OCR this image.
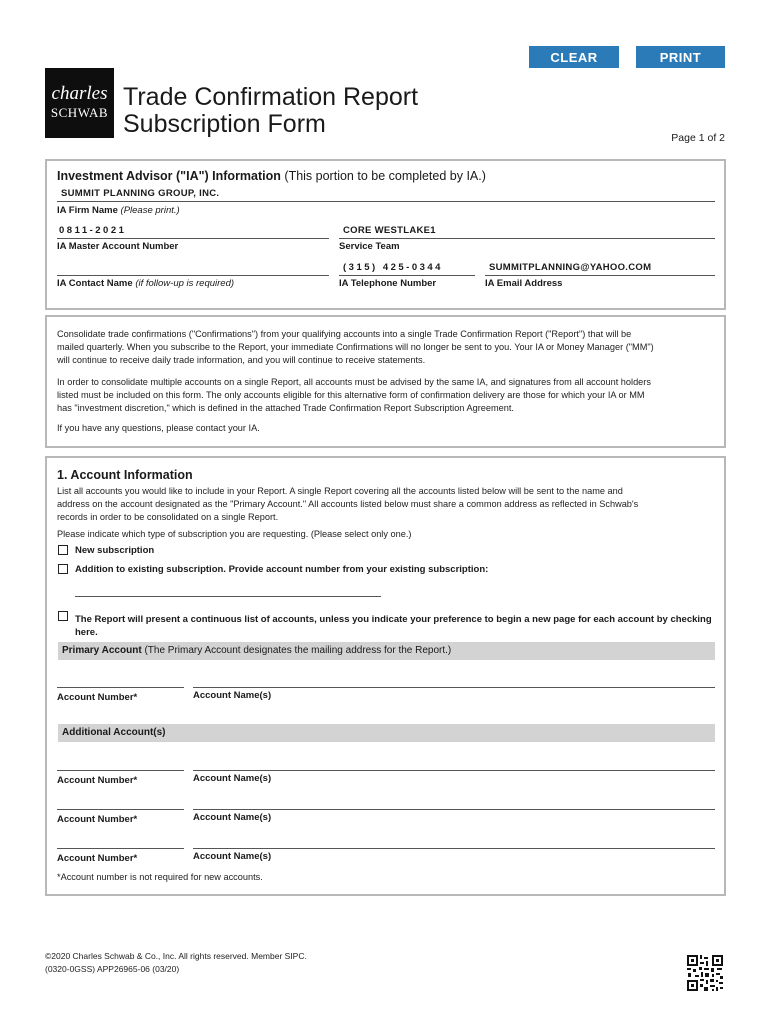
CLEAR	PRINT
charles
SCHWAB
Trade Confirmation Report
Subscription Form	Page 1 of 2
Investment Advisor ("IA") Information (This portion to be completed by IA.)
SUMMIT PLANNING GROUP, INC.
IA Firm Name (Please print.)
0811-2021
IA Master Account Number
CORE WESTLAKE1
Service Team
IA Contact Name (if follow-up is required)
(315) 425-0344
IA Telephone Number
SUMMITPLANNING@YAHOO.COM
IA Email Address
Consolidate trade confirmations ("Confirmations") from your qualifying accounts into a single Trade Confirmation Report ("Report") that will be
mailed quarterly. When you subscribe to the Report, your immediate Confirmations will no longer be sent to you. Your IA or Money Manager ("MM")
will continue to receive daily trade information, and you will continue to receive statements.
In order to consolidate multiple accounts on a single Report, all accounts must be advised by the same IA, and signatures from all account holders
listed must be included on this form. The only accounts eligible for this alternative form of confirmation delivery are those for which your IA or MM
has "investment discretion," which is defined in the attached Trade Confirmation Report Subscription Agreement.
If you have any questions, please contact your IA.
1. Account Information
List all accounts you would like to include in your Report. A single Report covering all the accounts listed below will be sent to the name and
address on the account designated as the "Primary Account." All accounts listed below must share a common address as reflected in Schwab's
records in order to be consolidated on a single Report.
Please indicate which type of subscription you are requesting. (Please select only one.)
New subscription
Addition to existing subscription. Provide account number from your existing subscription:
The Report will present a continuous list of accounts, unless you indicate your preference to begin a new page for each account by checking
here.
Primary Account (The Primary Account designates the mailing address for the Report.)
Account Number*	Account Name(s)
Additional Account(s)
Account Number*	Account Name(s)
Account Number*	Account Name(s)
Account Number*	Account Name(s)
*Account number is not required for new accounts.
©2020 Charles Schwab & Co., Inc. All rights reserved. Member SIPC.
(0320-0GSS) APP26965-06 (03/20)
